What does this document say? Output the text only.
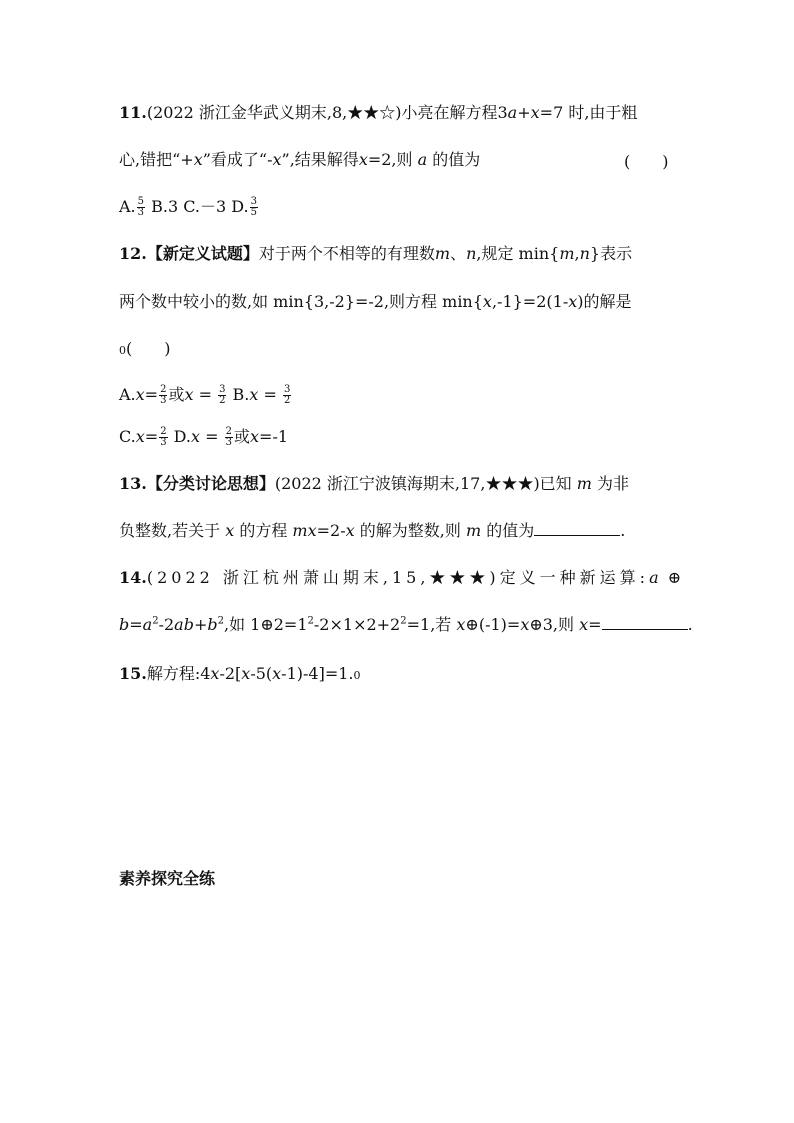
11.(2022 浙江金华武义期末,8,★★☆)小亮在解方程3a+x=7 时,由于粗
心,错把“+x”看成了“-x”,结果解得x=2,则 a 的值为	(　　)
A. $\frac{5}{3} B.3$ C.－3 D. $\frac{3}{5}$
12.【新定义试题】对于两个不相等的有理数m、n,规定 min{m,n}表示
两个数中较小的数,如 min{3,-2}=-2,则方程 min{x,-1}=2(1-x)的解是
0(　　)
$A.x= \frac{2}{3}$ 或$x = \frac{3}{2} B.x = \frac{3}{2}$
$C.x= \frac{2}{3} D.x = \frac{2}{3}$ 或x=-1
13.【分类讨论思想】(2022 浙江宁波镇海期末,17,★★★)已知 m 为非
负整数,若关于 x 的方程 mx=2-x 的解为整数,则 m 的值为	.
14.(2022 浙江杭州萧山期末,15,★★★)定义一种新运算:a ⊕
$b=a^2-2ab+b^2$,如 $1\oplus 2=1^2-2\times 1\times 2+2^2=1$,若 x⊕(-1)=x⊕3,则 x=	.
15.解方程:4x-2[x-5(x-1)-4]=1.0
素养探究全练
